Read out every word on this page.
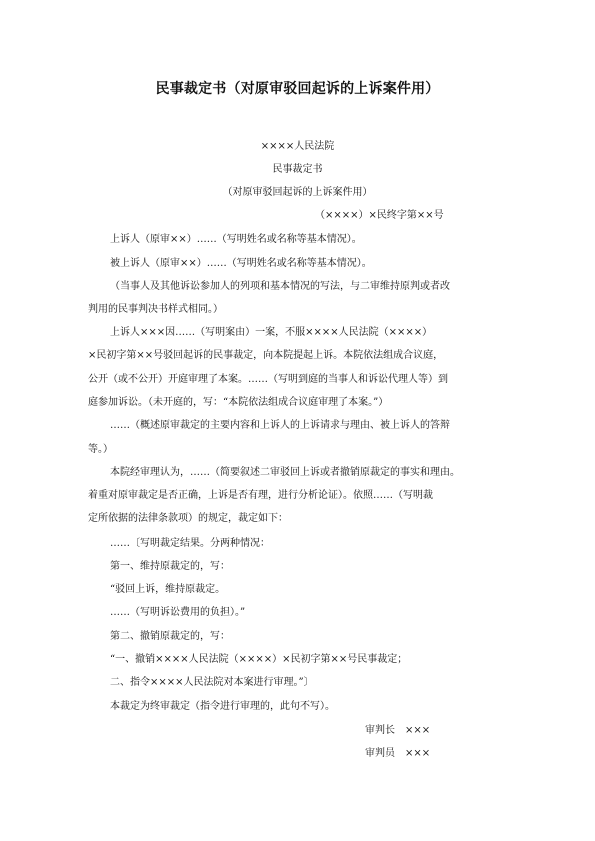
民事裁定书（对原审驳回起诉的上诉案件用）
××××人民法院
民事裁定书
（对原审驳回起诉的上诉案件用）
（××××）×民终字第××号
上诉人（原审××）……（写明姓名或名称等基本情况）。
被上诉人（原审××）……（写明姓名或名称等基本情况）。
（当事人及其他诉讼参加人的列项和基本情况的写法，与二审维持原判或者改
判用的民事判决书样式相同。）
上诉人×××因……（写明案由）一案，不服××××人民法院（××××）
×民初字第××号驳回起诉的民事裁定，向本院提起上诉。本院依法组成合议庭，
公开（或不公开）开庭审理了本案。……（写明到庭的当事人和诉讼代理人等）到
庭参加诉讼。（未开庭的，写：“本院依法组成合议庭审理了本案。”）
……（概述原审裁定的主要内容和上诉人的上诉请求与理由、被上诉人的答辩
等。）
本院经审理认为，……（简要叙述二审驳回上诉或者撤销原裁定的事实和理由。
着重对原审裁定是否正确，上诉是否有理，进行分析论证）。依照……（写明裁
定所依据的法律条款项）的规定，裁定如下：
……〔写明裁定结果。分两种情况：
第一、维持原裁定的，写：
“驳回上诉，维持原裁定。
……（写明诉讼费用的负担）。”
第二、撤销原裁定的，写：
“一、撤销××××人民法院（××××）×民初字第××号民事裁定；
二、指令××××人民法院对本案进行审理。”〕
本裁定为终审裁定（指令进行审理的，此句不写）。
审判长　×××
审判员　×××
